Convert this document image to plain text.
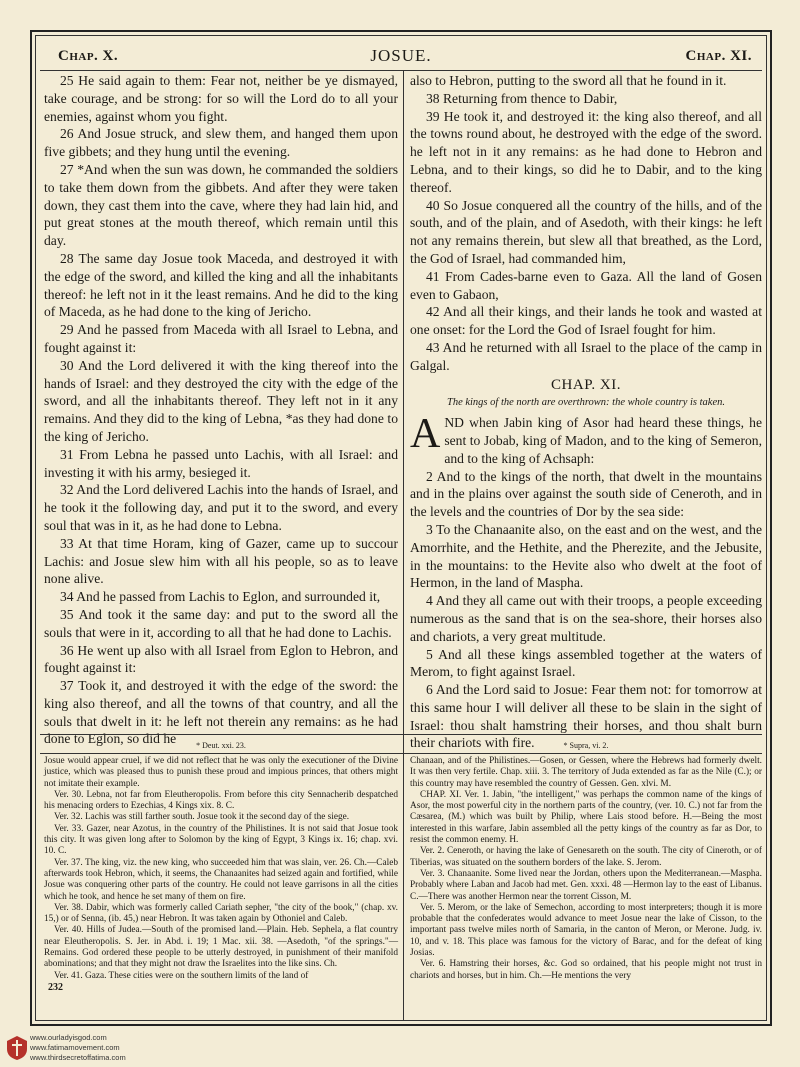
Chap. X.	JOSUE.	Chap. XI.

25 He said again to them: Fear not, neither be ye dismayed, take courage, and be strong: for so will the Lord do to all your enemies, against whom you fight.

26 And Josue struck, and slew them, and hanged them upon five gibbets; and they hung until the evening.

27 *And when the sun was down, he commanded the soldiers to take them down from the gibbets. And after they were taken down, they cast them into the cave, where they had lain hid, and put great stones at the mouth thereof, which remain until this day.

28 The same day Josue took Maceda, and destroyed it with the edge of the sword, and killed the king and all the inhabitants thereof: he left not in it the least remains. And he did to the king of Maceda, as he had done to the king of Jericho.

29 And he passed from Maceda with all Israel to Lebna, and fought against it:

30 And the Lord delivered it with the king thereof into the hands of Israel: and they destroyed the city with the edge of the sword, and all the inhabitants thereof. They left not in it any remains. And they did to the king of Lebna, *as they had done to the king of Jericho.

31 From Lebna he passed unto Lachis, with all Israel: and investing it with his army, besieged it.

32 And the Lord delivered Lachis into the hands of Israel, and he took it the following day, and put it to the sword, and every soul that was in it, as he had done to Lebna.

33 At that time Horam, king of Gazer, came up to succour Lachis: and Josue slew him with all his people, so as to leave none alive.

34 And he passed from Lachis to Eglon, and surrounded it,

35 And took it the same day: and put to the sword all the souls that were in it, according to all that he had done to Lachis.

36 He went up also with all Israel from Eglon to Hebron, and fought against it:

37 Took it, and destroyed it with the edge of the sword: the king also thereof, and all the towns of that country, and all the souls that dwelt in it: he left not therein any remains: as he had done to Eglon, so did he

also to Hebron, putting to the sword all that he found in it.

38 Returning from thence to Dabir,

39 He took it, and destroyed it: the king also thereof, and all the towns round about, he destroyed with the edge of the sword. he left not in it any remains: as he had done to Hebron and Lebna, and to their kings, so did he to Dabir, and to the king thereof.

40 So Josue conquered all the country of the hills, and of the south, and of the plain, and of Asedoth, with their kings: he left not any remains therein, but slew all that breathed, as the Lord, the God of Israel, had commanded him,

41 From Cades-barne even to Gaza. All the land of Gosen even to Gabaon,

42 And all their kings, and their lands he took and wasted at one onset: for the Lord the God of Israel fought for him.

43 And he returned with all Israel to the place of the camp in Galgal.

CHAP. XI.
The kings of the north are overthrown: the whole country is taken.

AND when Jabin king of Asor had heard these things, he sent to Jobab, king of Madon, and to the king of Semeron, and to the king of Achsaph:

2 And to the kings of the north, that dwelt in the mountains and in the plains over against the south side of Ceneroth, and in the levels and the countries of Dor by the sea side:

3 To the Chanaanite also, on the east and on the west, and the Amorrhite, and the Hethite, and the Pherezite, and the Jebusite, in the mountains: to the Hevite also who dwelt at the foot of Hermon, in the land of Maspha.

4 And they all came out with their troops, a people exceeding numerous as the sand that is on the sea-shore, their horses also and chariots, a very great multitude.

5 And all these kings assembled together at the waters of Merom, to fight against Israel.

6 And the Lord said to Josue: Fear them not: for tomorrow at this same hour I will deliver all these to be slain in the sight of Israel: thou shalt hamstring their horses, and thou shalt burn their chariots with fire.

* Deut. xxi. 23.	* Supra, vi. 2.

Josue would appear cruel, if we did not reflect that he was only the executioner of the Divine justice, which was pleased thus to punish these proud and impious princes, that others might not imitate their example.

Ver. 30. Lebna, not far from Eleutheropolis. From before this city Sennacherib despatched his menacing orders to Ezechias, 4 Kings xix. 8. C.

Ver. 32. Lachis was still farther south. Josue took it the second day of the siege.

Ver. 33. Gazer, near Azotus, in the country of the Philistines. It is not said that Josue took this city. It was given long after to Solomon by the king of Egypt, 3 Kings ix. 16; chap. xvi. 10. C.

Ver. 37. The king, viz. the new king, who succeeded him that was slain, ver. 26. Ch.—Caleb afterwards took Hebron, which, it seems, the Chanaanites had seized again and fortified, while Josue was conquering other parts of the country. He could not leave garrisons in all the cities which he took, and hence he set many of them on fire.

Ver. 38. Dabir, which was formerly called Cariath sepher, "the city of the book," (chap. xv. 15,) or of Senna, (ib. 45,) near Hebron. It was taken again by Othoniel and Caleb.

Ver. 40. Hills of Judea.—South of the promised land.—Plain. Heb. Sephela, a flat country near Eleutheropolis. S. Jer. in Abd. i. 19; 1 Mac. xii. 38. —Asedoth, "of the springs."—Remains. God ordered these people to be utterly destroyed, in punishment of their manifold abominations; and that they might not draw the Israelites into the like sins. Ch.

Ver. 41. Gaza. These cities were on the southern limits of the land of

232

Chanaan, and of the Philistines.—Gosen, or Gessen, where the Hebrews had formerly dwelt. It was then very fertile. Chap. xiii. 3. The territory of Juda extended as far as the Nile (C.); or this country may have resembled the country of Gessen. Gen. xlvi. M.

CHAP. XI. Ver. 1. Jabin, "the intelligent," was perhaps the common name of the kings of Asor, the most powerful city in the northern parts of the country, (ver. 10. C.) not far from the Cæsarea, (M.) which was built by Philip, where Lais stood before. H.—Being the most interested in this warfare, Jabin assembled all the petty kings of the country as far as Dor, to resist the common enemy. H.

Ver. 2. Ceneroth, or having the lake of Genesareth on the south. The city of Cineroth, or of Tiberias, was situated on the southern borders of the lake. S. Jerom.

Ver. 3. Chanaanite. Some lived near the Jordan, others upon the Mediterranean.—Maspha. Probably where Laban and Jacob had met. Gen. xxxi. 48 —Hermon lay to the east of Libanus. C.—There was another Hermon near the torrent Cisson, M.

Ver. 5. Merom, or the lake of Semechon, according to most interpreters; though it is more probable that the confederates would advance to meet Josue near the lake of Cisson, to the important pass twelve miles north of Samaria, in the canton of Meron, or Merone. Judg. iv. 10, and v. 18. This place was famous for the victory of Barac, and for the defeat of king Josias.

Ver. 6. Hamstring their horses, &c. God so ordained, that his people might not trust in chariots and horses, but in him. Ch.—He mentions the very

www.ourladyisgod.com
www.fatimamovement.com
www.thirdsecretoffatima.com
